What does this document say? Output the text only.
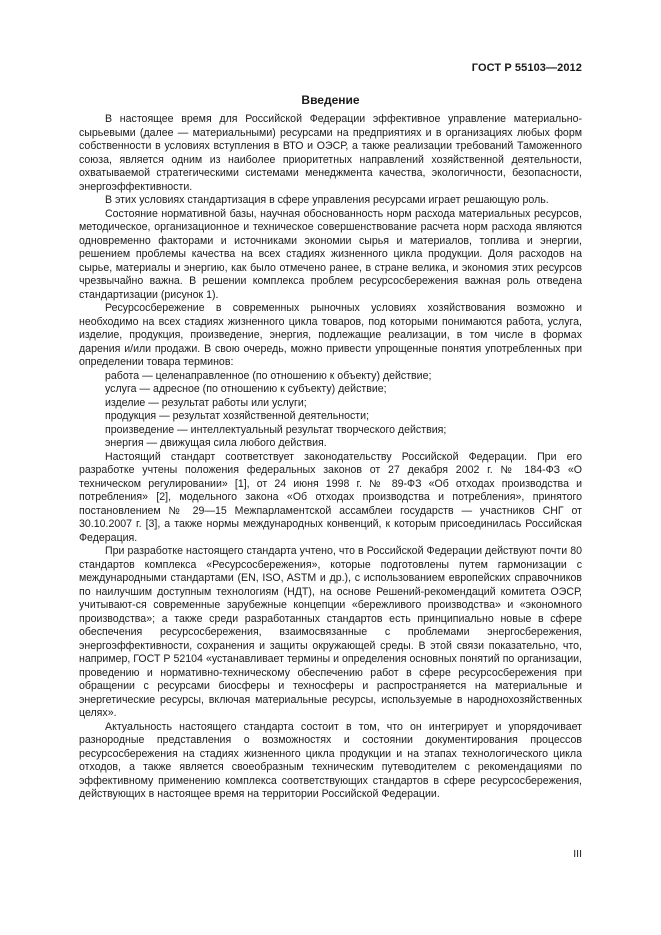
ГОСТ Р 55103—2012
Введение

В настоящее время для Российской Федерации эффективное управление материально-сырьевыми (далее — материальными) ресурсами на предприятиях и в организациях любых форм собственности в условиях вступления в ВТО и ОЭСР, а также реализации требований Таможенного союза, является одним из наиболее приоритетных направлений хозяйственной деятельности, охватываемой стратегическими системами менеджмента качества, экологичности, безопасности, энергоэффективности.

В этих условиях стандартизация в сфере управления ресурсами играет решающую роль.

Состояние нормативной базы, научная обоснованность норм расхода материальных ресурсов, методическое, организационное и техническое совершенствование расчета норм расхода являются одновременно факторами и источниками экономии сырья и материалов, топлива и энергии, решением проблемы качества на всех стадиях жизненного цикла продукции. Доля расходов на сырье, материалы и энергию, как было отмечено ранее, в стране велика, и экономия этих ресурсов чрезвычайно важна. В решении комплекса проблем ресурсосбережения важная роль отведена стандартизации (рисунок 1).

Ресурсосбережение в современных рыночных условиях хозяйствования возможно и необходимо на всех стадиях жизненного цикла товаров, под которыми понимаются работа, услуга, изделие, продукция, произведение, энергия, подлежащие реализации, в том числе в формах дарения и/или продажи. В свою очередь, можно привести упрощенные понятия употребленных при определении товара терминов:

работа — целенаправленное (по отношению к объекту) действие;

услуга — адресное (по отношению к субъекту) действие;

изделие — результат работы или услуги;

продукция — результат хозяйственной деятельности;

произведение — интеллектуальный результат творческого действия;

энергия — движущая сила любого действия.

Настоящий стандарт соответствует законодательству Российской Федерации. При его разработке учтены положения федеральных законов от 27 декабря 2002 г. № 184-ФЗ «О техническом регулировании» [1], от 24 июня 1998 г. № 89-ФЗ «Об отходах производства и потребления» [2], модельного закона «Об отходах производства и потребления», принятого постановлением № 29—15 Межпарламентской ассамблеи государств — участников СНГ от 30.10.2007 г. [3], а также нормы международных конвенций, к которым присоединилась Российская Федерация.

При разработке настоящего стандарта учтено, что в Российской Федерации действуют почти 80 стандартов комплекса «Ресурсосбережения», которые подготовлены путем гармонизации с международными стандартами (EN, ISO, ASTM и др.), с использованием европейских справочников по наилучшим доступным технологиям (НДТ), на основе Решений-рекомендаций комитета ОЭСР, учитывают-ся современные зарубежные концепции «бережливого производства» и «экономного производства»; а также среди разработанных стандартов есть принципиально новые в сфере обеспечения ресурсосбережения, взаимосвязанные с проблемами энергосбережения, энергоэффективности, сохранения и защиты окружающей среды. В этой связи показательно, что, например, ГОСТ Р 52104 «устанавливает термины и определения основных понятий по организации, проведению и нормативно-техническому обеспечению работ в сфере ресурсосбережения при обращении с ресурсами биосферы и техносферы и распространяется на материальные и энергетические ресурсы, включая материальные ресурсы, используемые в народнохозяйственных целях».

Актуальность настоящего стандарта состоит в том, что он интегрирует и упорядочивает разнородные представления о возможностях и состоянии документирования процессов ресурсосбережения на стадиях жизненного цикла продукции и на этапах технологического цикла отходов, а также является своеобразным техническим путеводителем с рекомендациями по эффективному применению комплекса соответствующих стандартов в сфере ресурсосбережения, действующих в настоящее время на территории Российской Федерации.

III
